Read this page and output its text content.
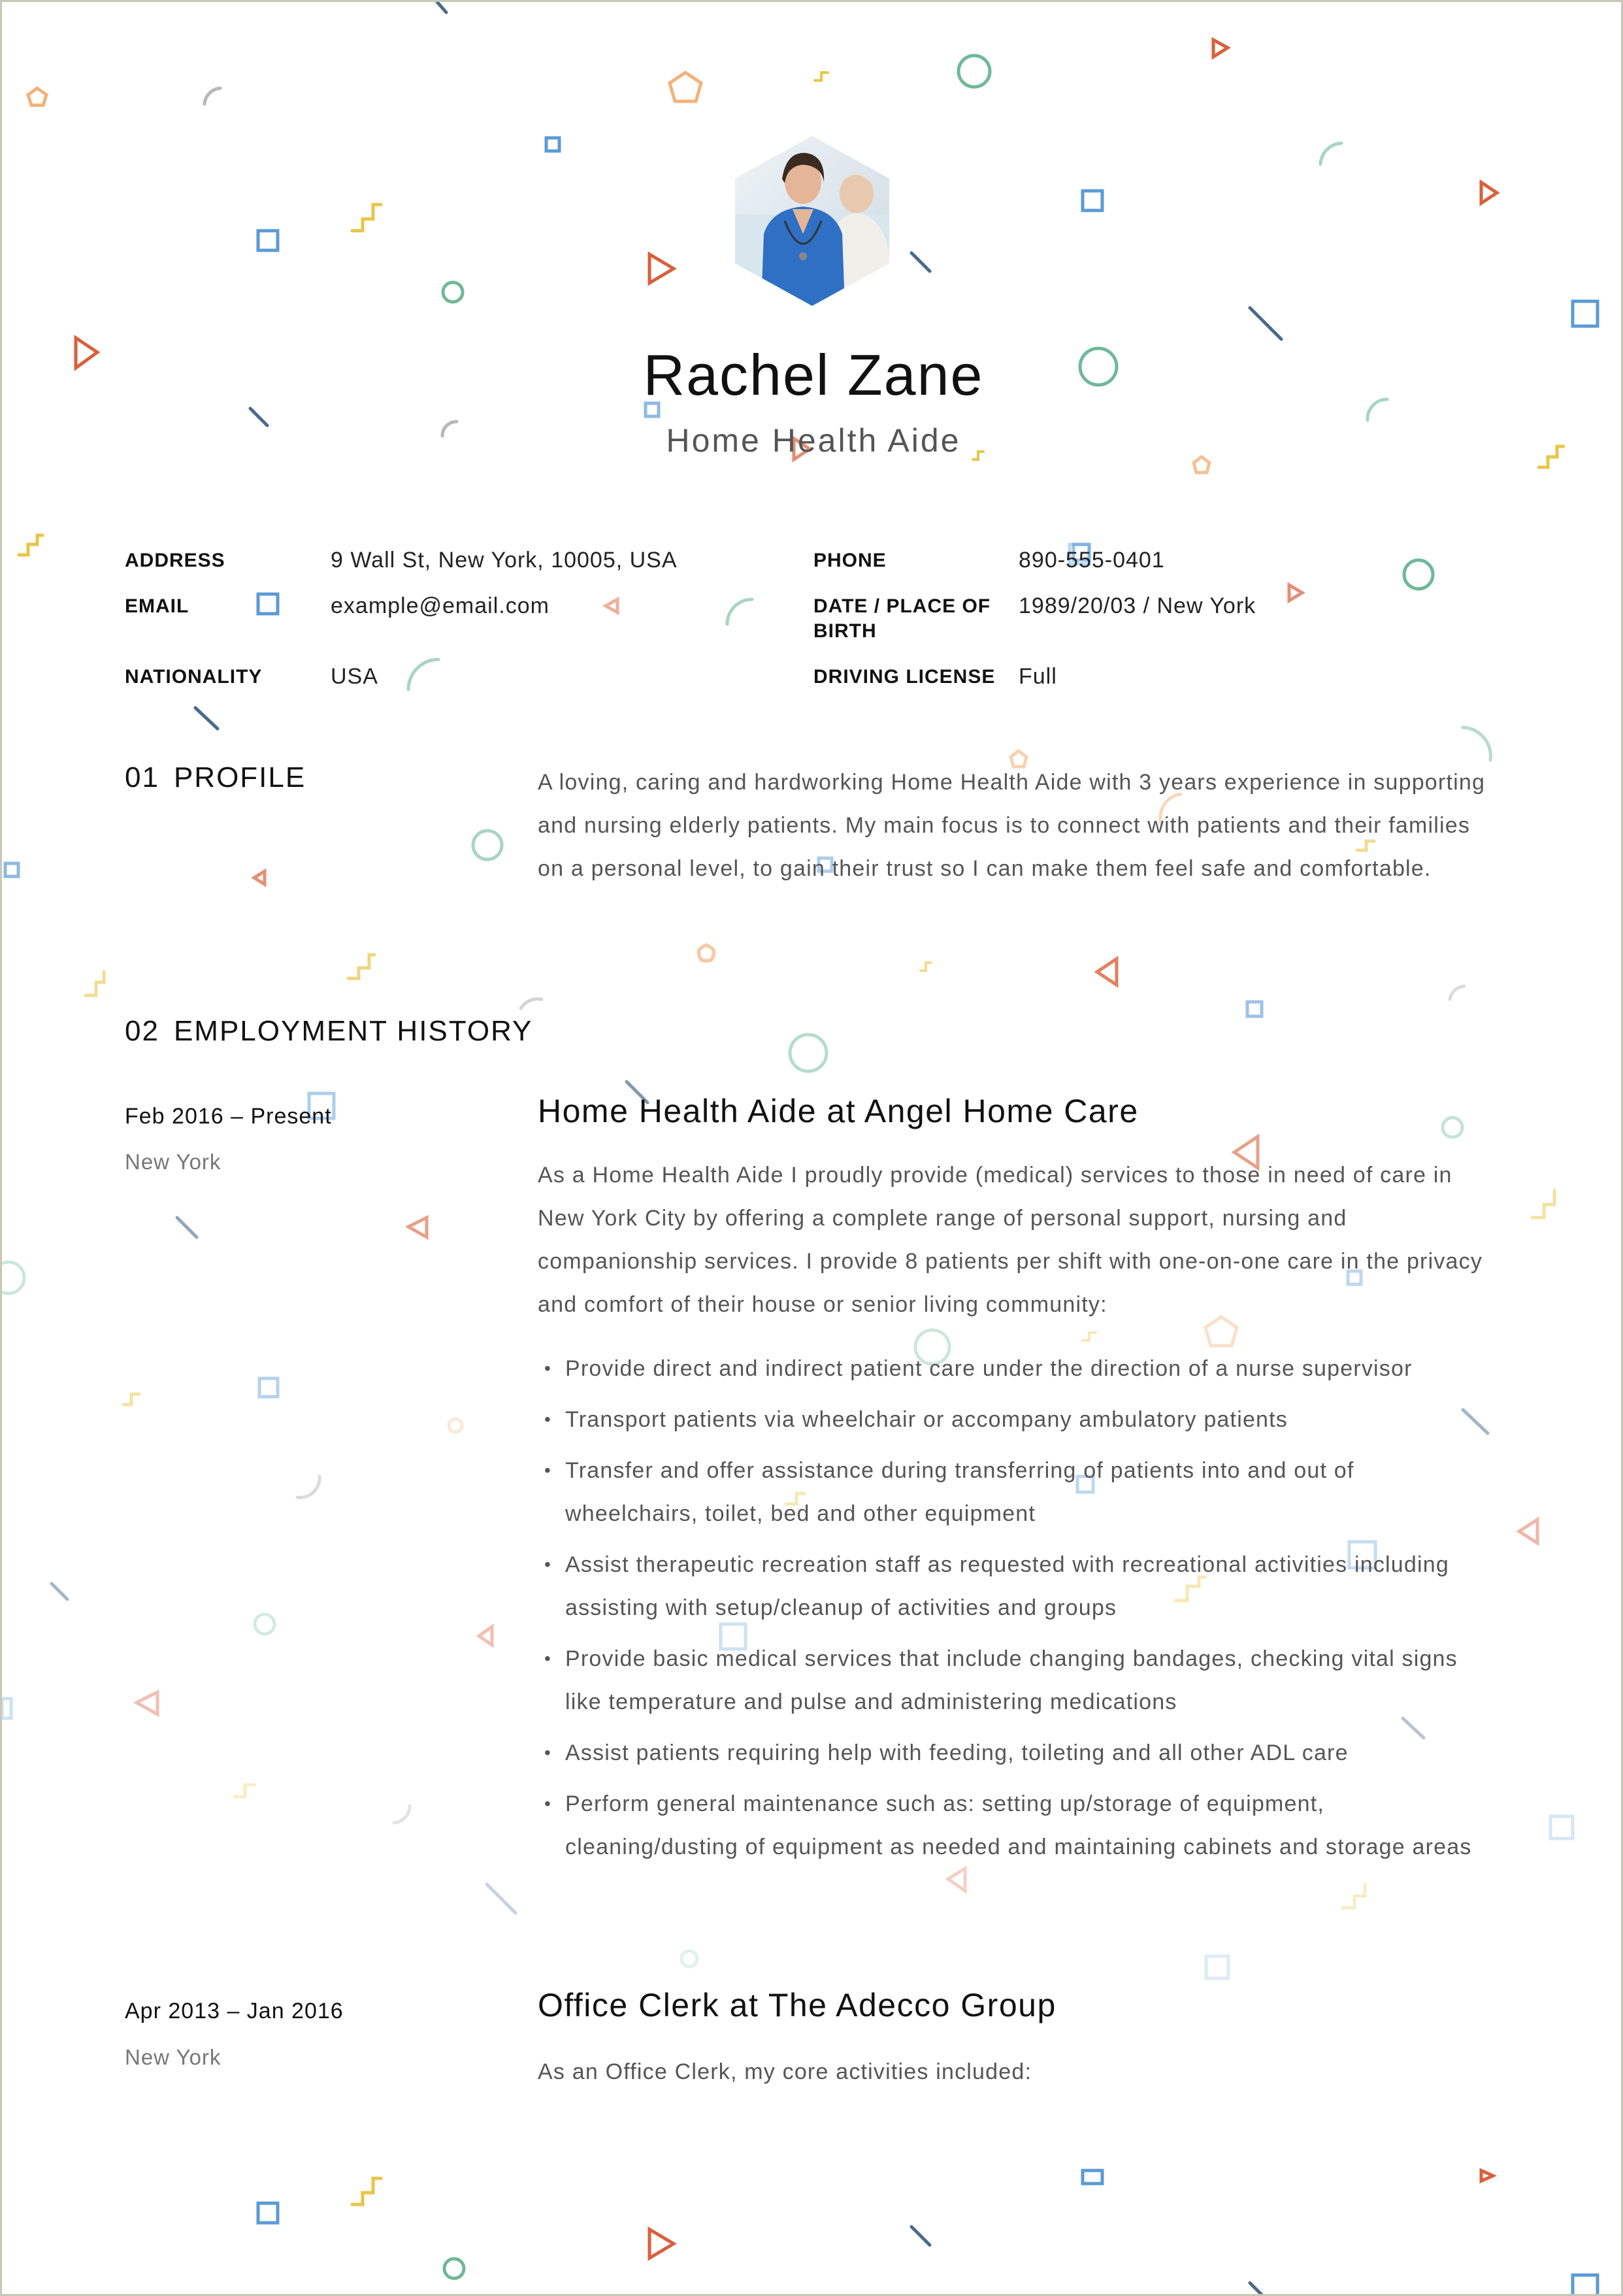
Rachel Zane
Home Health Aide
ADDRESS	9 Wall St, New York, 10005, USA
EMAIL	example@email.com
NATIONALITY	USA
PHONE	890-555-0401
DATE / PLACE OF BIRTH
1989/20/03 / New York
DRIVING LICENSE Full
01 PROFILE	A loving, caring and hardworking Home Health Aide with 3 years experience in supporting and nursing elderly patients. My main focus is to connect with patients and their families on a personal level, to gain their trust so I can make them feel safe and comfortable.

02 EMPLOYMENT HISTORY
Feb 2016 – Present
New York
Home Health Aide at Angel Home Care

As a Home Health Aide I proudly provide (medical) services to those in need of care in New York City by offering a complete range of personal support, nursing and companionship services. I provide 8 patients per shift with one-on-one care in the privacy and comfort of their house or senior living community:

• Provide direct and indirect patient care under the direction of a nurse supervisor
• Transport patients via wheelchair or accompany ambulatory patients
• Transfer and offer assistance during transferring of patients into and out of wheelchairs, toilet, bed and other equipment
• Assist therapeutic recreation staff as requested with recreational activities including assisting with setup/cleanup of activities and groups
• Provide basic medical services that include changing bandages, checking vital signs like temperature and pulse and administering medications
• Assist patients requiring help with feeding, toileting and all other ADL care
• Perform general maintenance such as: setting up/storage of equipment, cleaning/dusting of equipment as needed and maintaining cabinets and storage areas
Apr 2013 – Jan 2016
New York
Office Clerk at The Adecco Group

As an Office Clerk, my core activities included:
